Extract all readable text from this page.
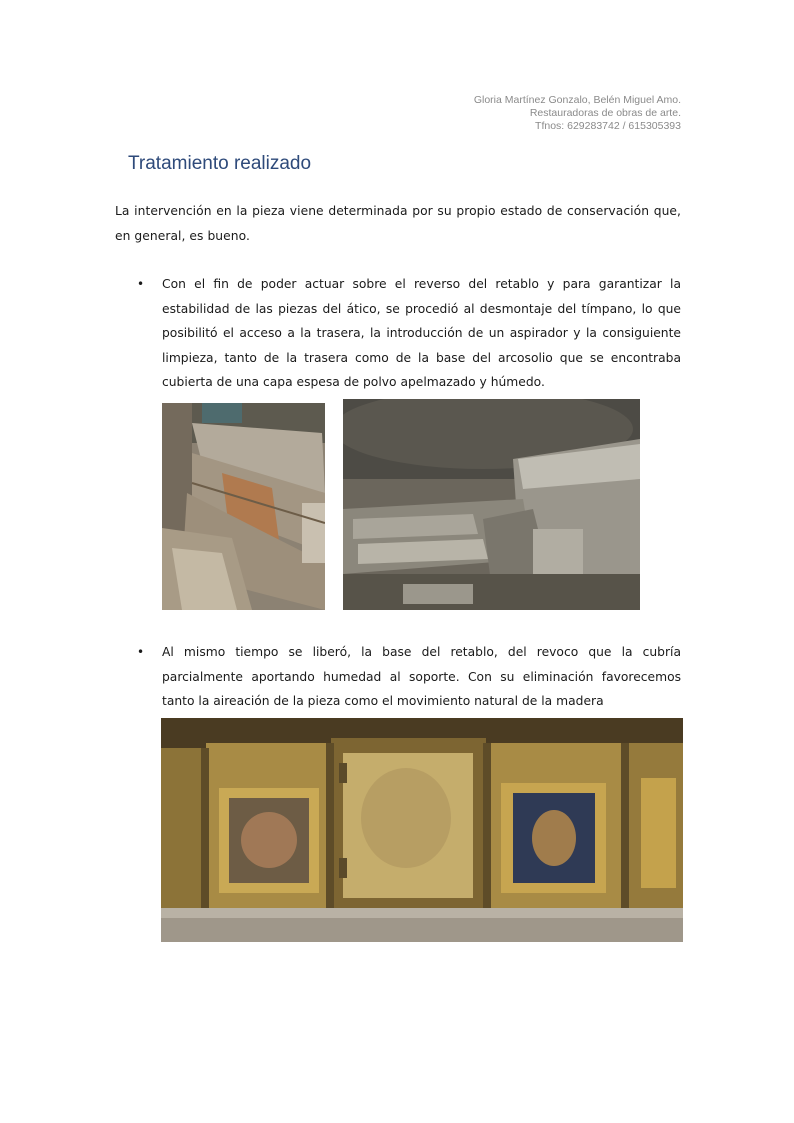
Gloria Martínez Gonzalo, Belén Miguel Amo.
Restauradoras de obras de arte.
Tfnos: 629283742 / 615305393
Tratamiento realizado

La intervención en la pieza viene determinada por su propio estado de conservación que, en general, es bueno.

• Con el fin de poder actuar sobre el reverso del retablo y para garantizar la estabilidad de las piezas del ático, se procedió al desmontaje del tímpano, lo que posibilitó el acceso a la trasera, la introducción de un aspirador y la consiguiente limpieza, tanto de la trasera como de la base del arcosolio que se encontraba cubierta de una capa espesa de polvo apelmazado y húmedo.

• Al mismo tiempo se liberó, la base del retablo, del revoco que la cubría parcialmente aportando humedad al soporte. Con su eliminación favorecemos tanto la aireación de la pieza como el movimiento natural de la madera
